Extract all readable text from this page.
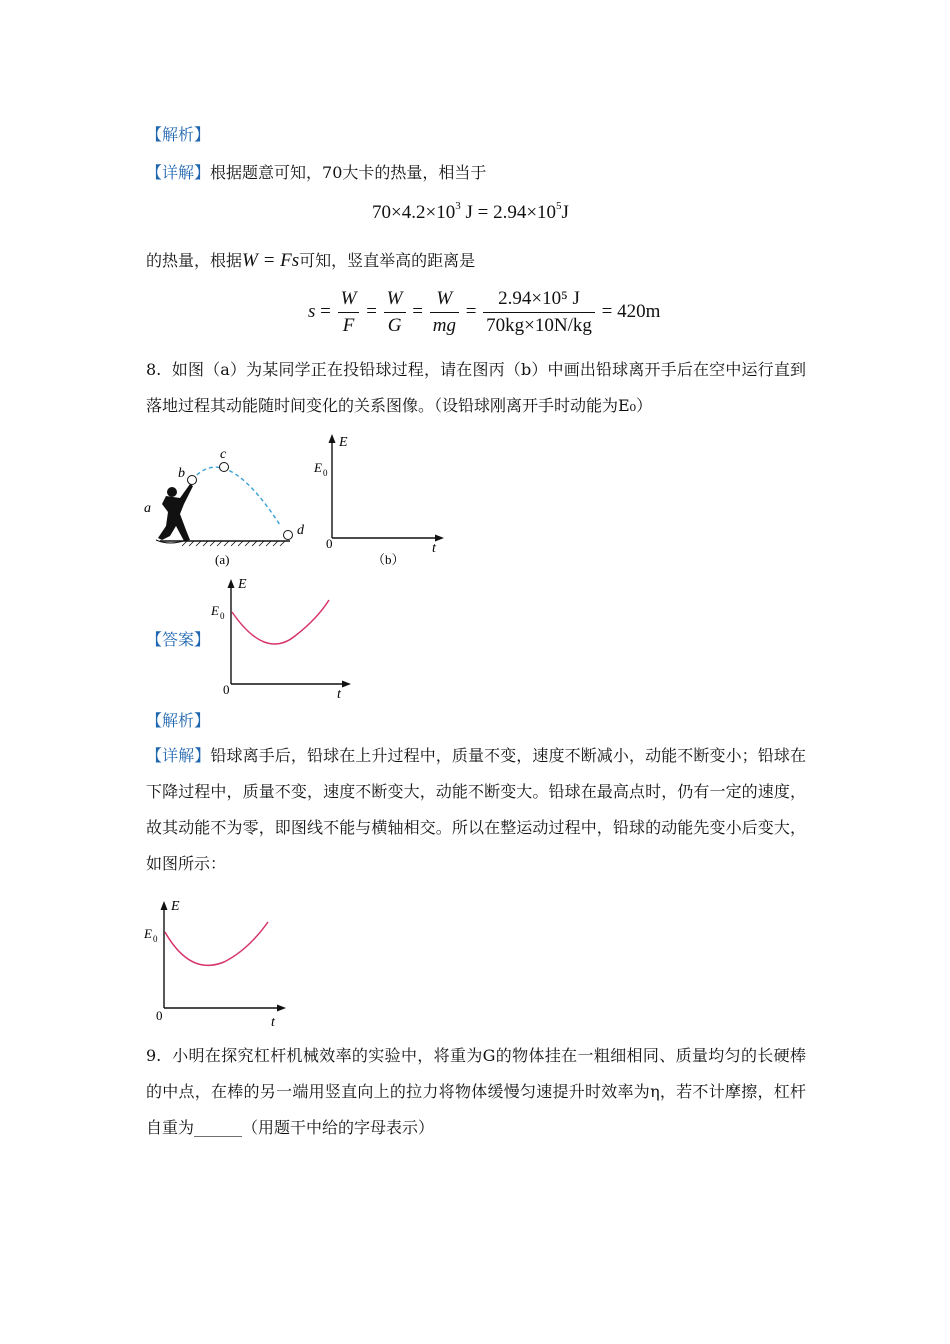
【解析】
【详解】根据题意可知，70大卡的热量，相当于
$70\times 4.2\times 10^3$ $J = 2.94\times 10^5J$
的热量，根据W = Fs可知，竖直举高的距离是
$s = \frac{W}{F} = \frac{W}{G} = \frac{W}{mg} = \frac{\text{2.94×10⁵ J}}{70kg\times 10N/kg} = 420m$
8. 如图（a）为某同学正在投铅球过程，请在图丙（b）中画出铅球离开手后在空中运行直到落地过程其动能随时间变化的关系图像。（设铅球刚离开手时动能为E₀）
a
b
c
d
(a)
E
E 0
0	t
（b）
【答案】
E
E 0
0	t
【解析】
【详解】铅球离手后，铅球在上升过程中，质量不变，速度不断减小，动能不断变小；铅球在下降过程中，质量不变，速度不断变大，动能不断变大。铅球在最高点时，仍有一定的速度，故其动能不为零，即图线不能与横轴相交。所以在整运动过程中，铅球的动能先变小后变大，如图所示：
E
E 0
0	t
9. 小明在探究杠杆机械效率的实验中，将重为G的物体挂在一粗细相同、质量均匀的长硬棒的中点，在棒的另一端用竖直向上的拉力将物体缓慢匀速提升时效率为η，若不计摩擦，杠杆自重为______（用题干中给的字母表示）
